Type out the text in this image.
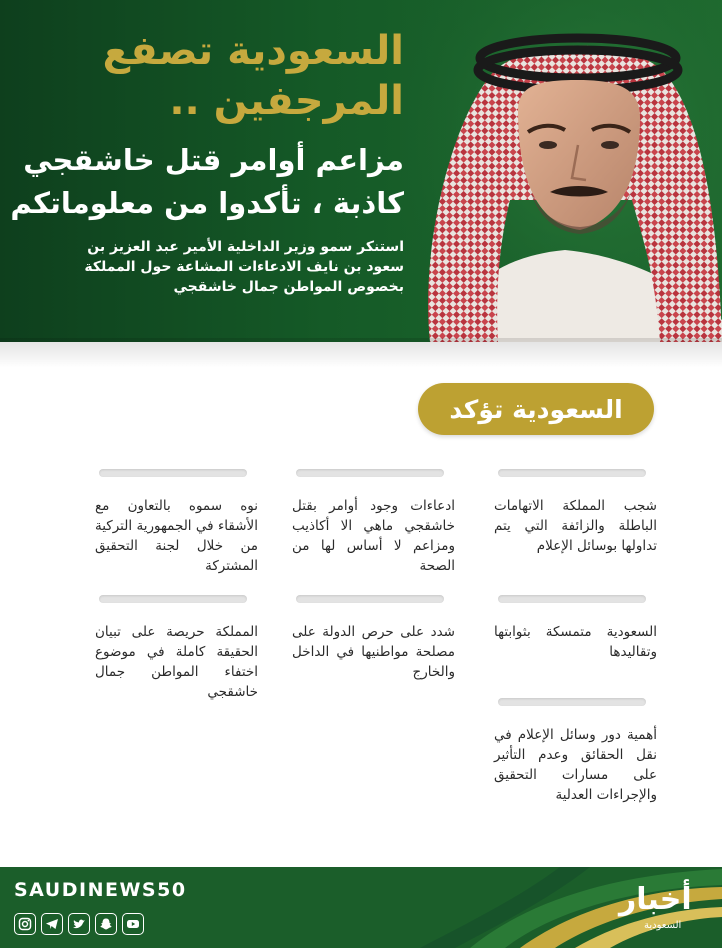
السعودية تصفع
المرجفين ..
مزاعم أوامر قتل خاشقجي
كاذبة ، تأكدوا من معلوماتكم
استنكر سمو وزير الداخلية الأمير عبد العزيز بن سعود بن نايف الادعاءات المشاعة حول المملكة بخصوص المواطن جمال خاشقجي
السعودية تؤكد
شجب المملكة الاتهامات الباطلة والزائفة التي يتم تداولها بوسائل الإعلام
ادعاءات وجود أوامر بقتل خاشقجي ماهي الا أكاذيب ومزاعم لا أساس لها من الصحة
نوه سموه بالتعاون مع الأشقاء في الجمهورية التركية من خلال لجنة التحقيق المشتركة
السعودية متمسكة بثوابتها وتقاليدها
شدد على حرص الدولة على مصلحة مواطنيها في الداخل والخارج
المملكة حريصة على تبيان الحقيقة كاملة في موضوع اختفاء المواطن جمال خاشقجي
أهمية دور وسائل الإعلام في نقل الحقائق وعدم التأثير على مسارات التحقيق والإجراءات العدلية
SAUDINEWS50	أخبار
السعودية
